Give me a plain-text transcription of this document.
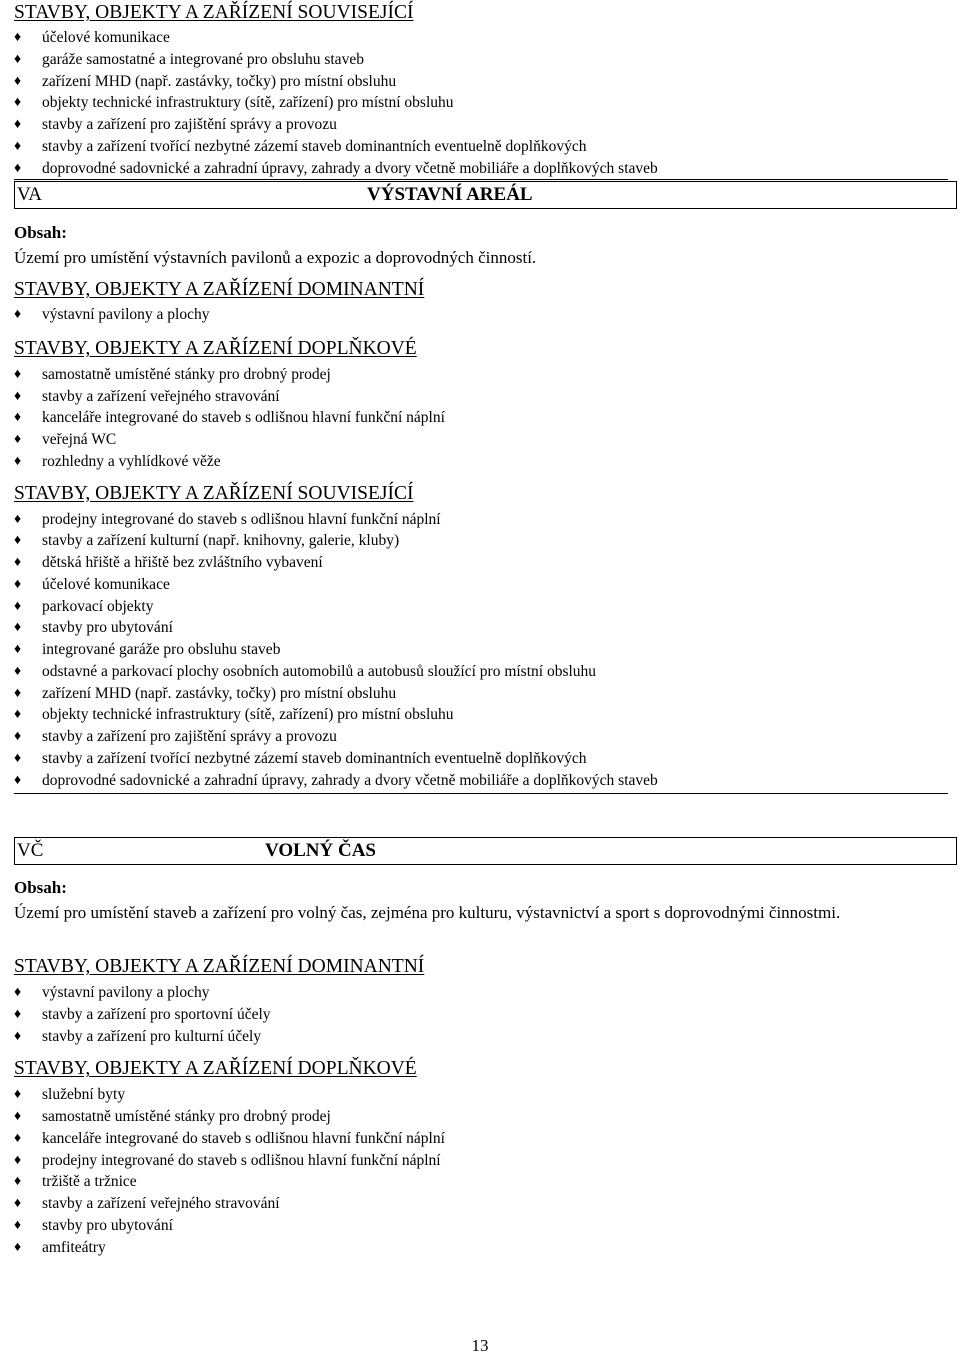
STAVBY, OBJEKTY A ZAŘÍZENÍ SOUVISEJÍCÍ
♦ účelové komunikace
♦ garáže samostatné a integrované pro obsluhu staveb
♦ zařízení MHD (např. zastávky, točky) pro místní obsluhu
♦ objekty technické infrastruktury (sítě, zařízení) pro místní obsluhu
♦ stavby a zařízení pro zajištění správy a provozu
♦ stavby a zařízení tvořící nezbytné zázemí staveb dominantních eventuelně doplňkových
♦ doprovodné sadovnické a zahradní úpravy, zahrady a dvory včetně mobiliáře a doplňkových staveb
VA	VÝSTAVNÍ AREÁL
Obsah:
Území pro umístění výstavních pavilonů a expozic a doprovodných činností.
STAVBY, OBJEKTY A ZAŘÍZENÍ DOMINANTNÍ
♦ výstavní pavilony a plochy
STAVBY, OBJEKTY A ZAŘÍZENÍ DOPLŇKOVÉ
♦ samostatně umístěné stánky pro drobný prodej
♦ stavby a zařízení veřejného stravování
♦ kanceláře integrované do staveb s odlišnou hlavní funkční náplní
♦ veřejná WC
♦ rozhledny a vyhlídkové věže
STAVBY, OBJEKTY A ZAŘÍZENÍ SOUVISEJÍCÍ
♦ prodejny integrované do staveb s odlišnou hlavní funkční náplní
♦ stavby a zařízení kulturní (např. knihovny, galerie, kluby)
♦ dětská hřiště a hřiště bez zvláštního vybavení
♦ účelové komunikace
♦ parkovací objekty
♦ stavby pro ubytování
♦ integrované garáže pro obsluhu staveb
♦ odstavné a parkovací plochy osobních automobilů a autobusů sloužící pro místní obsluhu
♦ zařízení MHD (např. zastávky, točky) pro místní obsluhu
♦ objekty technické infrastruktury (sítě, zařízení) pro místní obsluhu
♦ stavby a zařízení pro zajištění správy a provozu
♦ stavby a zařízení tvořící nezbytné zázemí staveb dominantních eventuelně doplňkových
♦ doprovodné sadovnické a zahradní úpravy, zahrady a dvory včetně mobiliáře a doplňkových staveb
VČ	VOLNÝ ČAS
Obsah:
Území pro umístění staveb a zařízení pro volný čas, zejména pro kulturu, výstavnictví a sport s doprovodnými činnostmi.
STAVBY, OBJEKTY A ZAŘÍZENÍ DOMINANTNÍ
♦ výstavní pavilony a plochy
♦ stavby a zařízení pro sportovní účely
♦ stavby a zařízení pro kulturní účely
STAVBY, OBJEKTY A ZAŘÍZENÍ DOPLŇKOVÉ
♦ služební byty
♦ samostatně umístěné stánky pro drobný prodej
♦ kanceláře integrované do staveb s odlišnou hlavní funkční náplní
♦ prodejny integrované do staveb s odlišnou hlavní funkční náplní
♦ tržiště a tržnice
♦ stavby a zařízení veřejného stravování
♦ stavby pro ubytování
♦ amfiteátry
13
